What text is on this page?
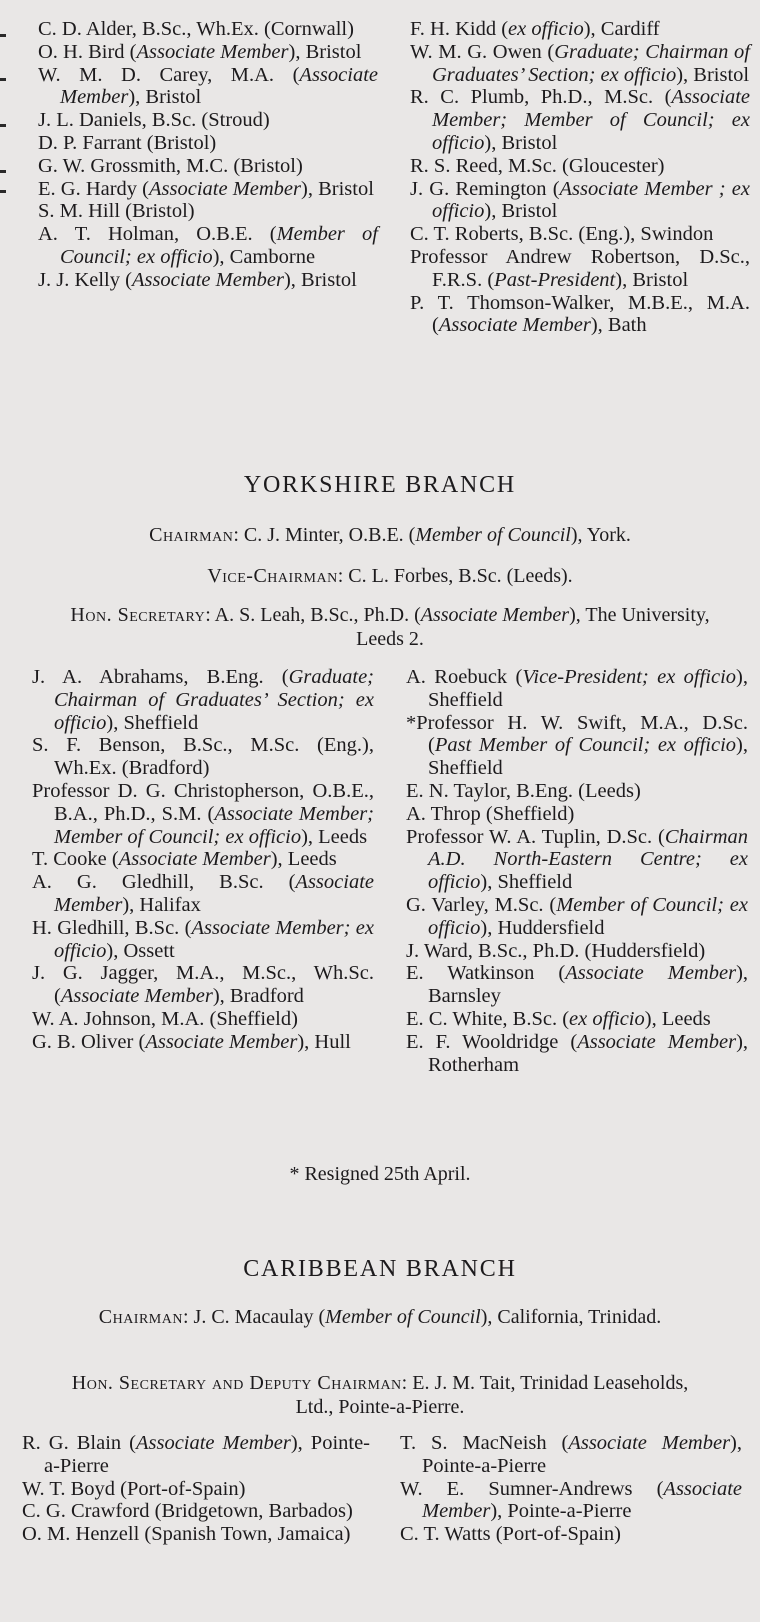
C. D. Alder, B.Sc., Wh.Ex. (Cornwall)
O. H. Bird (Associate Member), Bristol
W. M. D. Carey, M.A. (Associate Member), Bristol
J. L. Daniels, B.Sc. (Stroud)
D. P. Farrant (Bristol)
G. W. Grossmith, M.C. (Bristol)
E. G. Hardy (Associate Member), Bristol
S. M. Hill (Bristol)
A. T. Holman, O.B.E. (Member of Council; ex officio), Camborne
J. J. Kelly (Associate Member), Bristol
F. H. Kidd (ex officio), Cardiff
W. M. G. Owen (Graduate; Chairman of Graduates’ Section; ex officio), Bristol
R. C. Plumb, Ph.D., M.Sc. (Associate Member; Member of Council; ex officio), Bristol
R. S. Reed, M.Sc. (Gloucester)
J. G. Remington (Associate Member ; ex officio), Bristol
C. T. Roberts, B.Sc. (Eng.), Swindon
Professor Andrew Robertson, D.Sc., F.R.S. (Past-President), Bristol
P. T. Thomson-Walker, M.B.E., M.A. (Associate Member), Bath
YORKSHIRE BRANCH
Chairman: C. J. Minter, O.B.E. (Member of Council), York.
Vice-Chairman: C. L. Forbes, B.Sc. (Leeds).
Hon. Secretary: A. S. Leah, B.Sc., Ph.D. (Associate Member), The University, Leeds 2.
J. A. Abrahams, B.Eng. (Graduate; Chairman of Graduates’ Section; ex officio), Sheffield
S. F. Benson, B.Sc., M.Sc. (Eng.), Wh.Ex. (Bradford)
Professor D. G. Christopherson, O.B.E., B.A., Ph.D., S.M. (Associate Member; Member of Council; ex officio), Leeds
T. Cooke (Associate Member), Leeds
A. G. Gledhill, B.Sc. (Associate Member), Halifax
H. Gledhill, B.Sc. (Associate Member; ex officio), Ossett
J. G. Jagger, M.A., M.Sc., Wh.Sc. (Associate Member), Bradford
W. A. Johnson, M.A. (Sheffield)
G. B. Oliver (Associate Member), Hull
A. Roebuck (Vice-President; ex officio), Sheffield
*Professor H. W. Swift, M.A., D.Sc. (Past Member of Council; ex officio), Sheffield
E. N. Taylor, B.Eng. (Leeds)
A. Throp (Sheffield)
Professor W. A. Tuplin, D.Sc. (Chairman A.D. North-Eastern Centre; ex officio), Sheffield
G. Varley, M.Sc. (Member of Council; ex officio), Huddersfield
J. Ward, B.Sc., Ph.D. (Huddersfield)
E. Watkinson (Associate Member), Barnsley
E. C. White, B.Sc. (ex officio), Leeds
E. F. Wooldridge (Associate Member), Rotherham
* Resigned 25th April.
CARIBBEAN BRANCH
Chairman: J. C. Macaulay (Member of Council), California, Trinidad.
Hon. Secretary and Deputy Chairman: E. J. M. Tait, Trinidad Leaseholds, Ltd., Pointe-a-Pierre.
R. G. Blain (Associate Member), Pointe-a-Pierre
W. T. Boyd (Port-of-Spain)
C. G. Crawford (Bridgetown, Barbados)
O. M. Henzell (Spanish Town, Jamaica)
T. S. MacNeish (Associate Member), Pointe-a-Pierre
W. E. Sumner-Andrews (Associate Member), Pointe-a-Pierre
C. T. Watts (Port-of-Spain)
